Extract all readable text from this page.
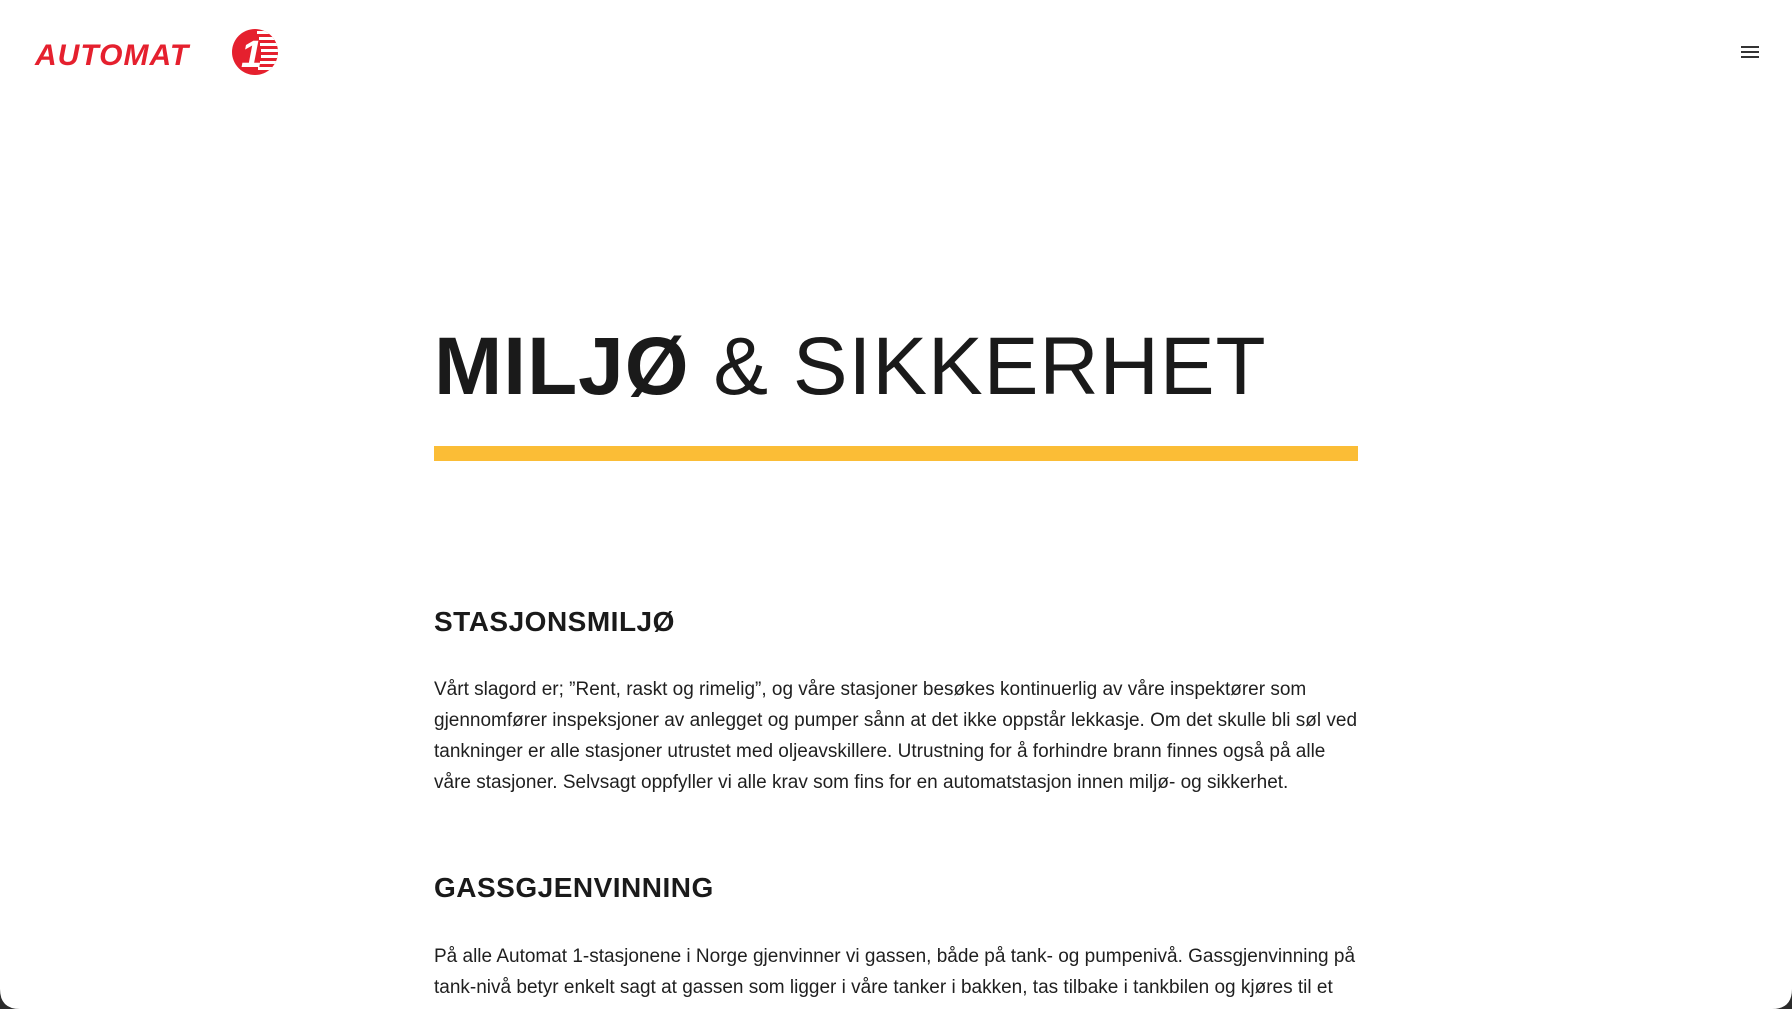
AUTOMAT 1
MILJØ & SIKKERHET
STASJONSMILJØ

Vårt slagord er; ”Rent, raskt og rimelig”, og våre stasjoner besøkes kontinuerlig av våre inspektører som gjennomfører inspeksjoner av anlegget og pumper sånn at det ikke oppstår lekkasje. Om det skulle bli søl ved tankninger er alle stasjoner utrustet med oljeavskillere. Utrustning for å forhindre brann finnes også på alle våre stasjoner. Selvsagt oppfyller vi alle krav som fins for en automatstasjon innen miljø- og sikkerhet.

GASSGJENVINNING

På alle Automat 1-stasjonene i Norge gjenvinner vi gassen, både på tank- og pumpenivå. Gassgjenvinning på tank-nivå betyr enkelt sagt at gassen som ligger i våre tanker i bakken, tas tilbake i tankbilen og kjøres til et
